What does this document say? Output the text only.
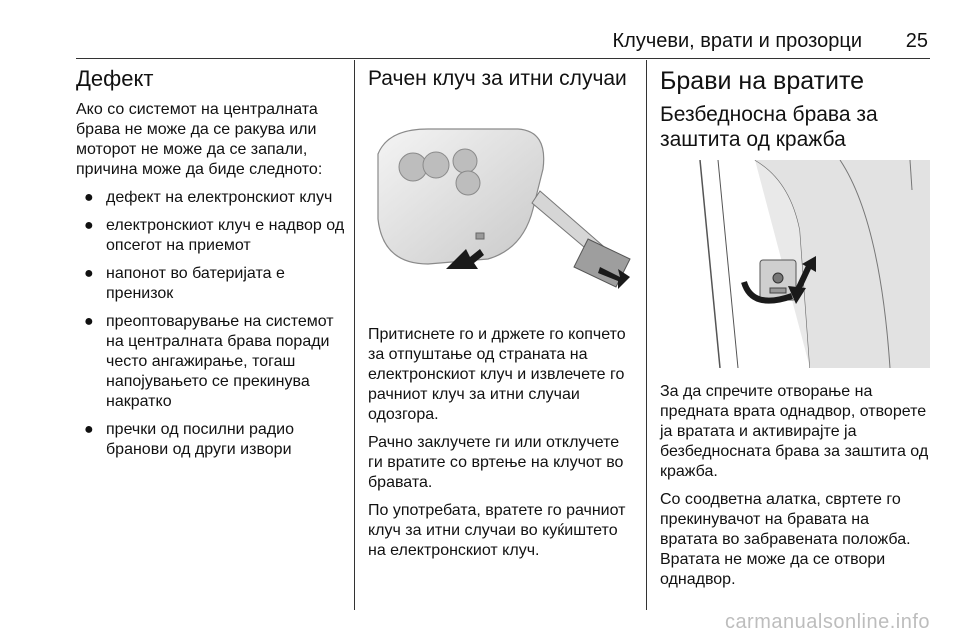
Клучеви, врати и прозорци	25
Дефект

Ако со системот на централната брава не може да се ракува или моторот не може да се запали, причина може да биде следното:

● дефект на електронскиот клуч
● електронскиот клуч е надвор од опсегот на приемот
● напонот во батеријата е пренизок
● преоптоварување на системот на централната брава поради често ангажирање, тогаш напојувањето се прекинува накратко
● пречки од посилни радио бранови од други извори
Рачен клуч за итни случаи

Притиснете го и држете го копчето за отпуштање од страната на електронскиот клуч и извлечете го рачниот клуч за итни случаи одозгора.

Рачно заклучете ги или отклучете ги вратите со вртење на клучот во бравата.

По употребата, вратете го рачниот клуч за итни случаи во куќиштето на електронскиот клуч.

Брави на вратите
Безбедносна брава за заштита од кражба

За да спречите отворање на предната врата однадвор, отворете ја вратата и активирајте ја безбедносната брава за заштита од кражба.

Со соодветна алатка, свртете го прекинувачот на бравата на вратата во забравената положба. Вратата не може да се отвори однадвор.

carmanualsonline.info
